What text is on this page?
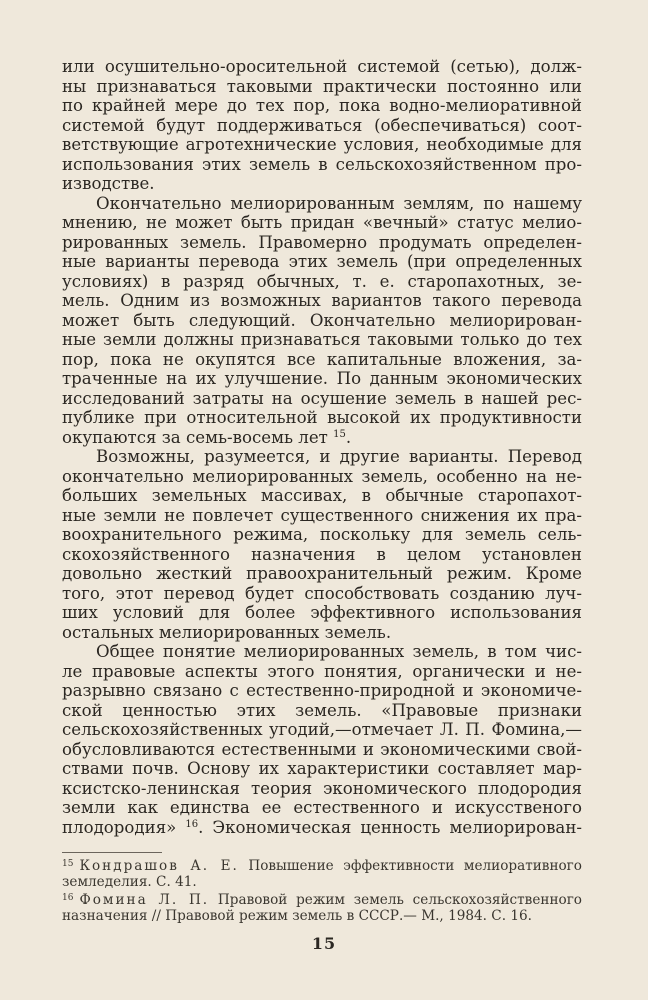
или осушительно-оросительной системой (сетью), долж-
ны признаваться таковыми практически постоянно или
по крайней мере до тех пор, пока водно-мелиоративной
системой будут поддерживаться (обеспечиваться) соот-
ветствующие агротехнические условия, необходимые для
использования этих земель в сельскохозяйственном про-
изводстве.
Окончательно мелиорированным землям, по нашему
мнению, не может быть придан «вечный» статус мелио-
рированных земель. Правомерно продумать определен-
ные варианты перевода этих земель (при определенных
условиях) в разряд обычных, т. е. старопахотных, зе-
мель. Одним из возможных вариантов такого перевода
может быть следующий. Окончательно мелиорирован-
ные земли должны признаваться таковыми только до тех
пор, пока не окупятся все капитальные вложения, за-
траченные на их улучшение. По данным экономических
исследований затраты на осушение земель в нашей рес-
публике при относительной высокой их продуктивности
окупаются за семь-восемь лет $^{15}$.
Возможны, разумеется, и другие варианты. Перевод
окончательно мелиорированных земель, особенно на не-
больших земельных массивах, в обычные старопахот-
ные земли не повлечет существенного снижения их пра-
воохранительного режима, поскольку для земель сель-
скохозяйственного назначения в целом установлен
довольно жесткий правоохранительный режим. Кроме
того, этот перевод будет способствовать созданию луч-
ших условий для более эффективного использования
остальных мелиорированных земель.
Общее понятие мелиорированных земель, в том чис-
ле правовые аспекты этого понятия, органически и не-
разрывно связано с естественно-природной и экономиче-
ской ценностью этих земель. «Правовые признаки
сельскохозяйственных угодий,—отмечает Л. П. Фомина,—
обусловливаются естественными и экономическими свой-
ствами почв. Основу их характеристики составляет мар-
ксистско-ленинская теория экономического плодородия
земли как единства ее естественного и искусственого
плодородия» $^{16}$. Экономическая ценность мелиорирован-
$^{15}$ Кондрашов А. Е. Повышение эффективности мелиоративного
земледелия. С. 41.
$^{16}$ Фомина Л. П. Правовой режим земель сельскохозяйственного
назначения // Правовой режим земель в СССР.— М., 1984. С. 16.
15
